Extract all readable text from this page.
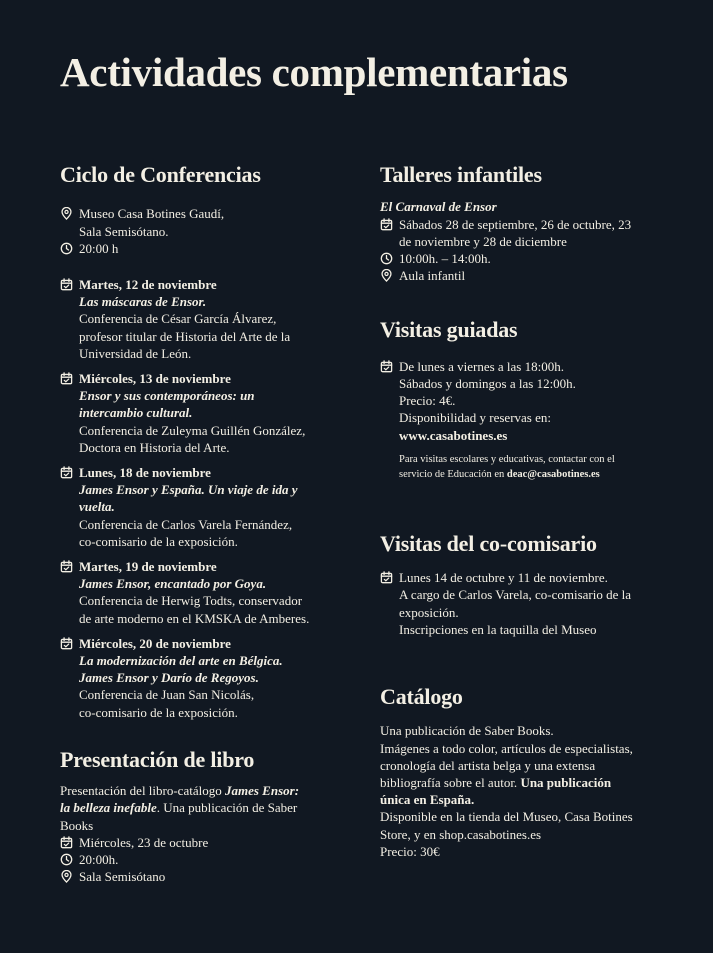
Actividades complementarias
Ciclo de Conferencias
Museo Casa Botines Gaudí,
Sala Semisótano.
20:00 h
Martes, 12 de noviembre
Las máscaras de Ensor.
Conferencia de César García Álvarez,
profesor titular de Historia del Arte de la
Universidad de León.
Miércoles, 13 de noviembre
Ensor y sus contemporáneos: un
intercambio cultural.
Conferencia de Zuleyma Guillén González,
Doctora en Historia del Arte.
Lunes, 18 de noviembre
James Ensor y España. Un viaje de ida y
vuelta.
Conferencia de Carlos Varela Fernández,
co-comisario de la exposición.
Martes, 19 de noviembre
James Ensor, encantado por Goya.
Conferencia de Herwig Todts, conservador
de arte moderno en el KMSKA de Amberes.
Miércoles, 20 de noviembre
La modernización del arte en Bélgica.
James Ensor y Darío de Regoyos.
Conferencia de Juan San Nicolás,
co-comisario de la exposición.
Presentación de libro
Presentación del libro-catálogo James Ensor:
la belleza inefable. Una publicación de Saber
Books
Miércoles, 23 de octubre
20:00h.
Sala Semisótano
Talleres infantiles
El Carnaval de Ensor
Sábados 28 de septiembre, 26 de octubre, 23
de noviembre y 28 de diciembre
10:00h. – 14:00h.
Aula infantil
Visitas guiadas
De lunes a viernes a las 18:00h.
Sábados y domingos a las 12:00h.
Precio: 4€.
Disponibilidad y reservas en:
www.casabotines.es
Para visitas escolares y educativas, contactar con el
servicio de Educación en deac@casabotines.es
Visitas del co-comisario
Lunes 14 de octubre y 11 de noviembre.
A cargo de Carlos Varela, co-comisario de la
exposición.
Inscripciones en la taquilla del Museo
Catálogo
Una publicación de Saber Books.
Imágenes a todo color, artículos de especialistas,
cronología del artista belga y una extensa
bibliografía sobre el autor. Una publicación
única en España.
Disponible en la tienda del Museo, Casa Botines
Store, y en shop.casabotines.es
Precio: 30€
